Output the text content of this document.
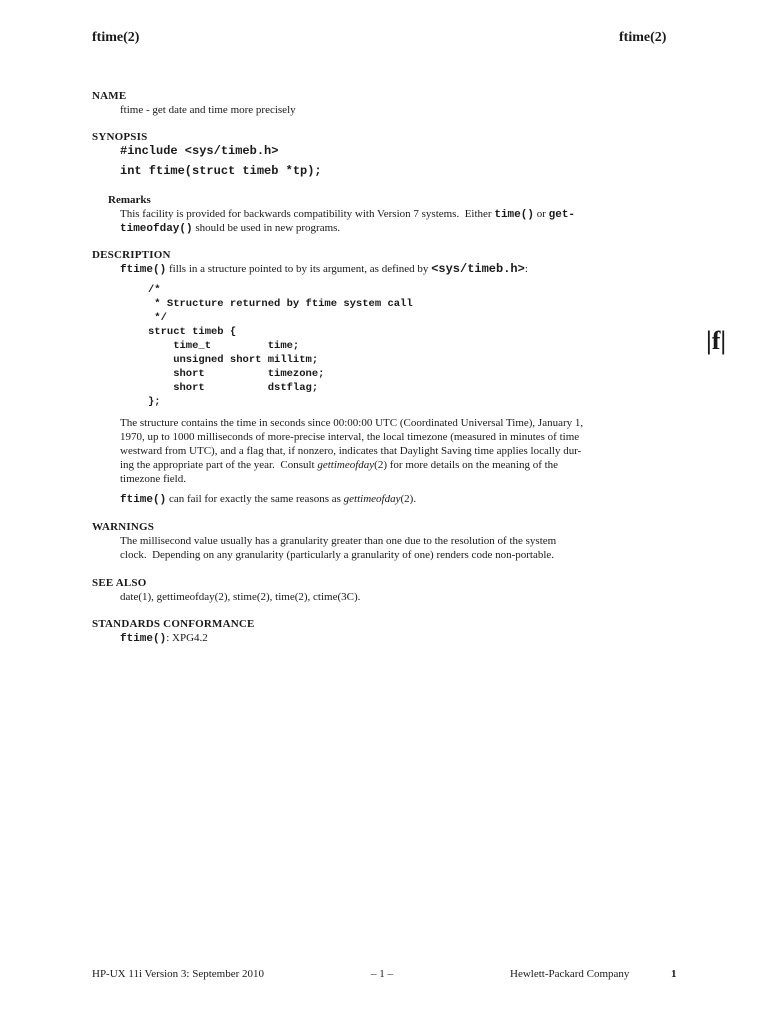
ftime(2)	ftime(2)
NAME
ftime - get date and time more precisely
SYNOPSIS
#include <sys/timeb.h>
int ftime(struct timeb *tp);
Remarks
This facility is provided for backwards compatibility with Version 7 systems.  Either time() or get-
timeofday() should be used in new programs.
DESCRIPTION
ftime() fills in a structure pointed to by its argument, as defined by <sys/timeb.h>:
/*
* Structure returned by ftime system call
*/
struct timeb {
time_t         time;
unsigned short millitm;
short          timezone;
short          dstflag;
};
The structure contains the time in seconds since 00:00:00 UTC (Coordinated Universal Time), January 1,
1970, up to 1000 milliseconds of more-precise interval, the local timezone (measured in minutes of time
westward from UTC), and a flag that, if nonzero, indicates that Daylight Saving time applies locally dur-
ing the appropriate part of the year.  Consult gettimeofday(2) for more details on the meaning of the
timezone field.
ftime() can fail for exactly the same reasons as gettimeofday(2).
WARNINGS
The millisecond value usually has a granularity greater than one due to the resolution of the system
clock.  Depending on any granularity (particularly a granularity of one) renders code non-portable.
SEE ALSO
date(1), gettimeofday(2), stime(2), time(2), ctime(3C).
STANDARDS CONFORMANCE
ftime(): XPG4.2
|f|
HP-UX 11i Version 3: September 2010	– 1 –	Hewlett-Packard Company	1
